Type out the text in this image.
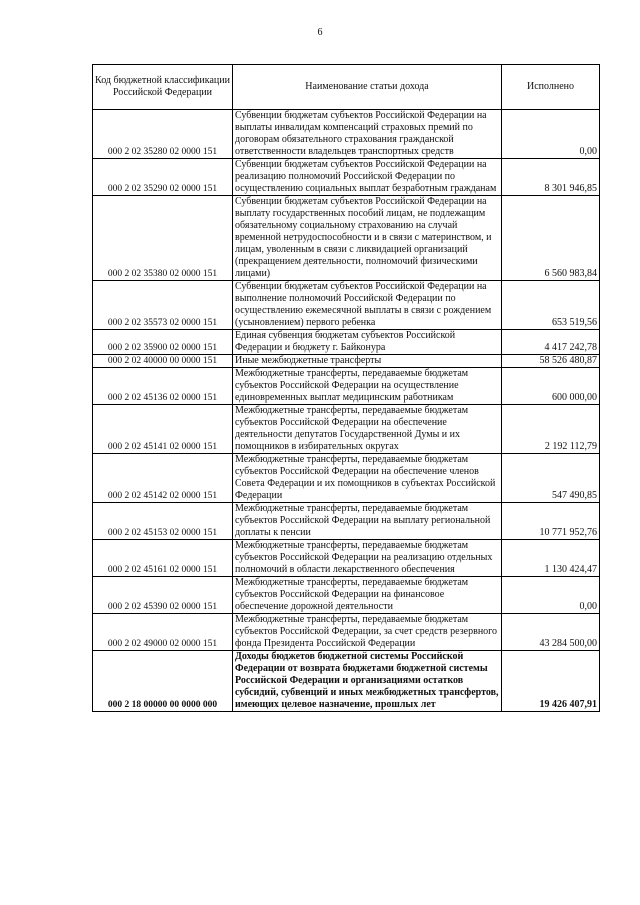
6
Код бюджетной классификации Российской Федерации	Наименование статьи дохода	Исполнено
000 2 02 35280 02 0000 151	Субвенции бюджетам субъектов Российской Федерации на выплаты инвалидам компенсаций страховых премий по договорам обязательного страхования гражданской ответственности владельцев транспортных средств	0,00
000 2 02 35290 02 0000 151	Субвенции бюджетам субъектов Российской Федерации на реализацию полномочий Российской Федерации по осуществлению социальных выплат безработным гражданам	8 301 946,85
000 2 02 35380 02 0000 151	Субвенции бюджетам субъектов Российской Федерации на выплату государственных пособий лицам, не подлежащим обязательному социальному страхованию на случай временной нетрудоспособности и в связи с материнством, и лицам, уволенным в связи с ликвидацией организаций (прекращением деятельности, полномочий физическими лицами)	6 560 983,84
000 2 02 35573 02 0000 151	Субвенции бюджетам субъектов Российской Федерации на выполнение полномочий Российской Федерации по осуществлению ежемесячной выплаты в связи с рождением (усыновлением) первого ребенка	653 519,56
000 2 02 35900 02 0000 151	Единая субвенция бюджетам субъектов Российской Федерации и бюджету г. Байконура	4 417 242,78
000 2 02 40000 00 0000 151	Иные межбюджетные трансферты	58 526 480,87
000 2 02 45136 02 0000 151	Межбюджетные трансферты, передаваемые бюджетам субъектов Российской Федерации на осуществление единовременных выплат медицинским работникам	600 000,00
000 2 02 45141 02 0000 151	Межбюджетные трансферты, передаваемые бюджетам субъектов Российской Федерации на обеспечение деятельности депутатов Государственной Думы и их помощников в избирательных округах	2 192 112,79
000 2 02 45142 02 0000 151	Межбюджетные трансферты, передаваемые бюджетам субъектов Российской Федерации на обеспечение членов Совета Федерации и их помощников в субъектах Российской Федерации	547 490,85
000 2 02 45153 02 0000 151	Межбюджетные трансферты, передаваемые бюджетам субъектов Российской Федерации на выплату региональной доплаты к пенсии	10 771 952,76
000 2 02 45161 02 0000 151	Межбюджетные трансферты, передаваемые бюджетам субъектов Российской Федерации на реализацию отдельных полномочий в области лекарственного обеспечения	1 130 424,47
000 2 02 45390 02 0000 151	Межбюджетные трансферты, передаваемые бюджетам субъектов Российской Федерации на финансовое обеспечение дорожной деятельности	0,00
000 2 02 49000 02 0000 151	Межбюджетные трансферты, передаваемые бюджетам субъектов Российской Федерации, за счет средств резервного фонда Президента Российской Федерации	43 284 500,00
000 2 18 00000 00 0000 000	Доходы бюджетов бюджетной системы Российской Федерации от возврата бюджетами бюджетной системы Российской Федерации и организациями остатков субсидий, субвенций и иных межбюджетных трансфертов, имеющих целевое назначение, прошлых лет	19 426 407,91
